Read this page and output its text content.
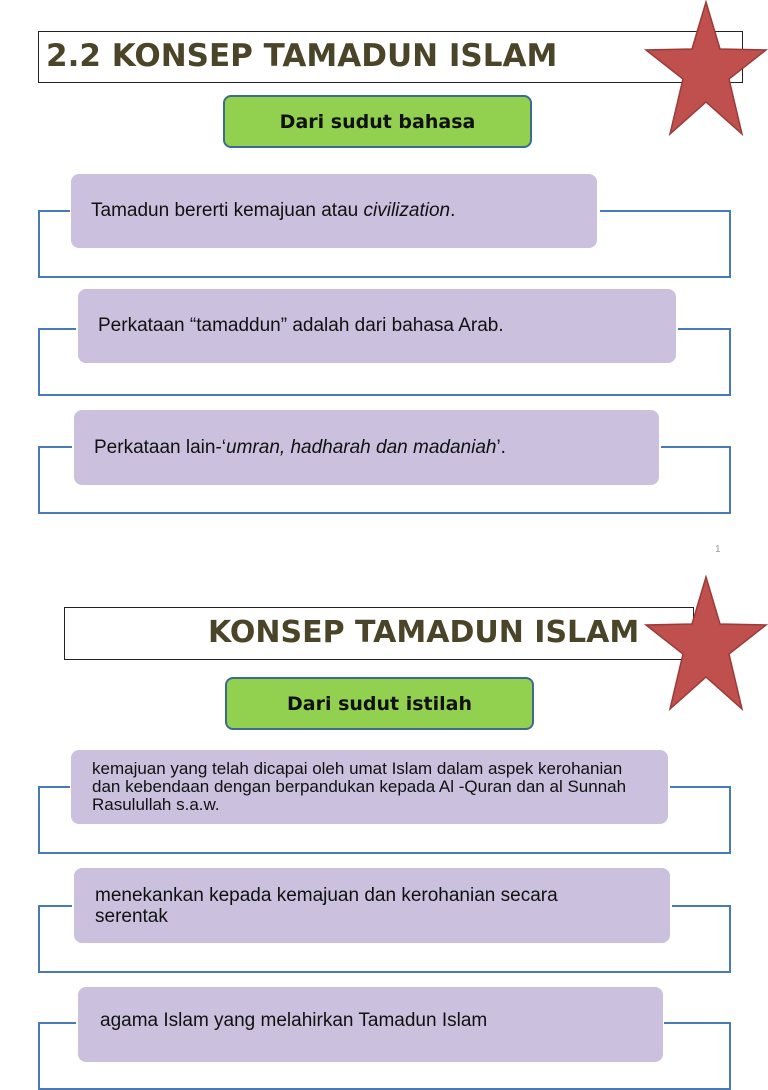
2.2 KONSEP TAMADUN ISLAM
Dari sudut bahasa
Tamadun bererti kemajuan atau civilization.
Perkataan “tamaddun” adalah dari bahasa Arab.
Perkataan lain-‘umran, hadharah dan madaniah’.
1
KONSEP TAMADUN ISLAM
Dari sudut istilah
kemajuan yang telah dicapai oleh umat Islam dalam aspek kerohanian dan kebendaan dengan berpandukan kepada Al -Quran dan al Sunnah Rasulullah s.a.w.
menekankan kepada kemajuan dan kerohanian secara serentak
agama Islam yang melahirkan Tamadun Islam
